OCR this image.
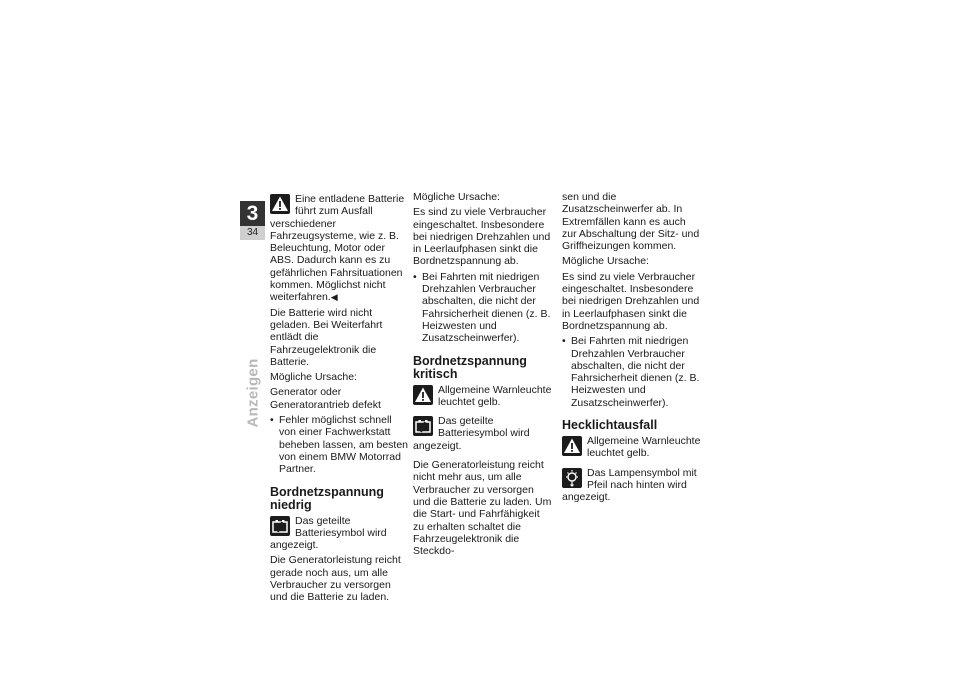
3
34
Anzeigen

Eine entladene Batterie führt zum Ausfall verschiedener Fahrzeugsysteme, wie z. B. Beleuchtung, Motor oder ABS. Dadurch kann es zu gefährlichen Fahrsituationen kommen. Möglichst nicht weiterfahren.◀

Die Batterie wird nicht geladen. Bei Weiterfahrt entlädt die Fahrzeugelektronik die Batterie.

Mögliche Ursache:

Generator oder Generatorantrieb defekt

• Fehler möglichst schnell von einer Fachwerkstatt beheben lassen, am besten von einem BMW Motorrad Partner.
Bordnetzspannung niedrig

Das geteilte Batteriesymbol wird angezeigt.

Die Generatorleistung reicht gerade noch aus, um alle Verbraucher zu versorgen und die Batterie zu laden.

Mögliche Ursache:

Es sind zu viele Verbraucher eingeschaltet. Insbesondere bei niedrigen Drehzahlen und in Leerlaufphasen sinkt die Bordnetzspannung ab.

• Bei Fahrten mit niedrigen Drehzahlen Verbraucher abschalten, die nicht der Fahrsicherheit dienen (z. B. Heizwesten und Zusatzscheinwerfer).
Bordnetzspannung kritisch

Allgemeine Warnleuchte leuchtet gelb.

Das geteilte Batteriesymbol wird angezeigt.

Die Generatorleistung reicht nicht mehr aus, um alle Verbraucher zu versorgen und die Batterie zu laden. Um die Start- und Fahrfähigkeit zu erhalten schaltet die Fahrzeugelektronik die Steckdo-

sen und die Zusatzscheinwerfer ab. In Extremfällen kann es auch zur Abschaltung der Sitz- und Griffheizungen kommen.

Mögliche Ursache:

Es sind zu viele Verbraucher eingeschaltet. Insbesondere bei niedrigen Drehzahlen und in Leerlaufphasen sinkt die Bordnetzspannung ab.

• Bei Fahrten mit niedrigen Drehzahlen Verbraucher abschalten, die nicht der Fahrsicherheit dienen (z. B. Heizwesten und Zusatzscheinwerfer).
Hecklichtausfall

Allgemeine Warnleuchte leuchtet gelb.

Das Lampensymbol mit Pfeil nach hinten wird angezeigt.
